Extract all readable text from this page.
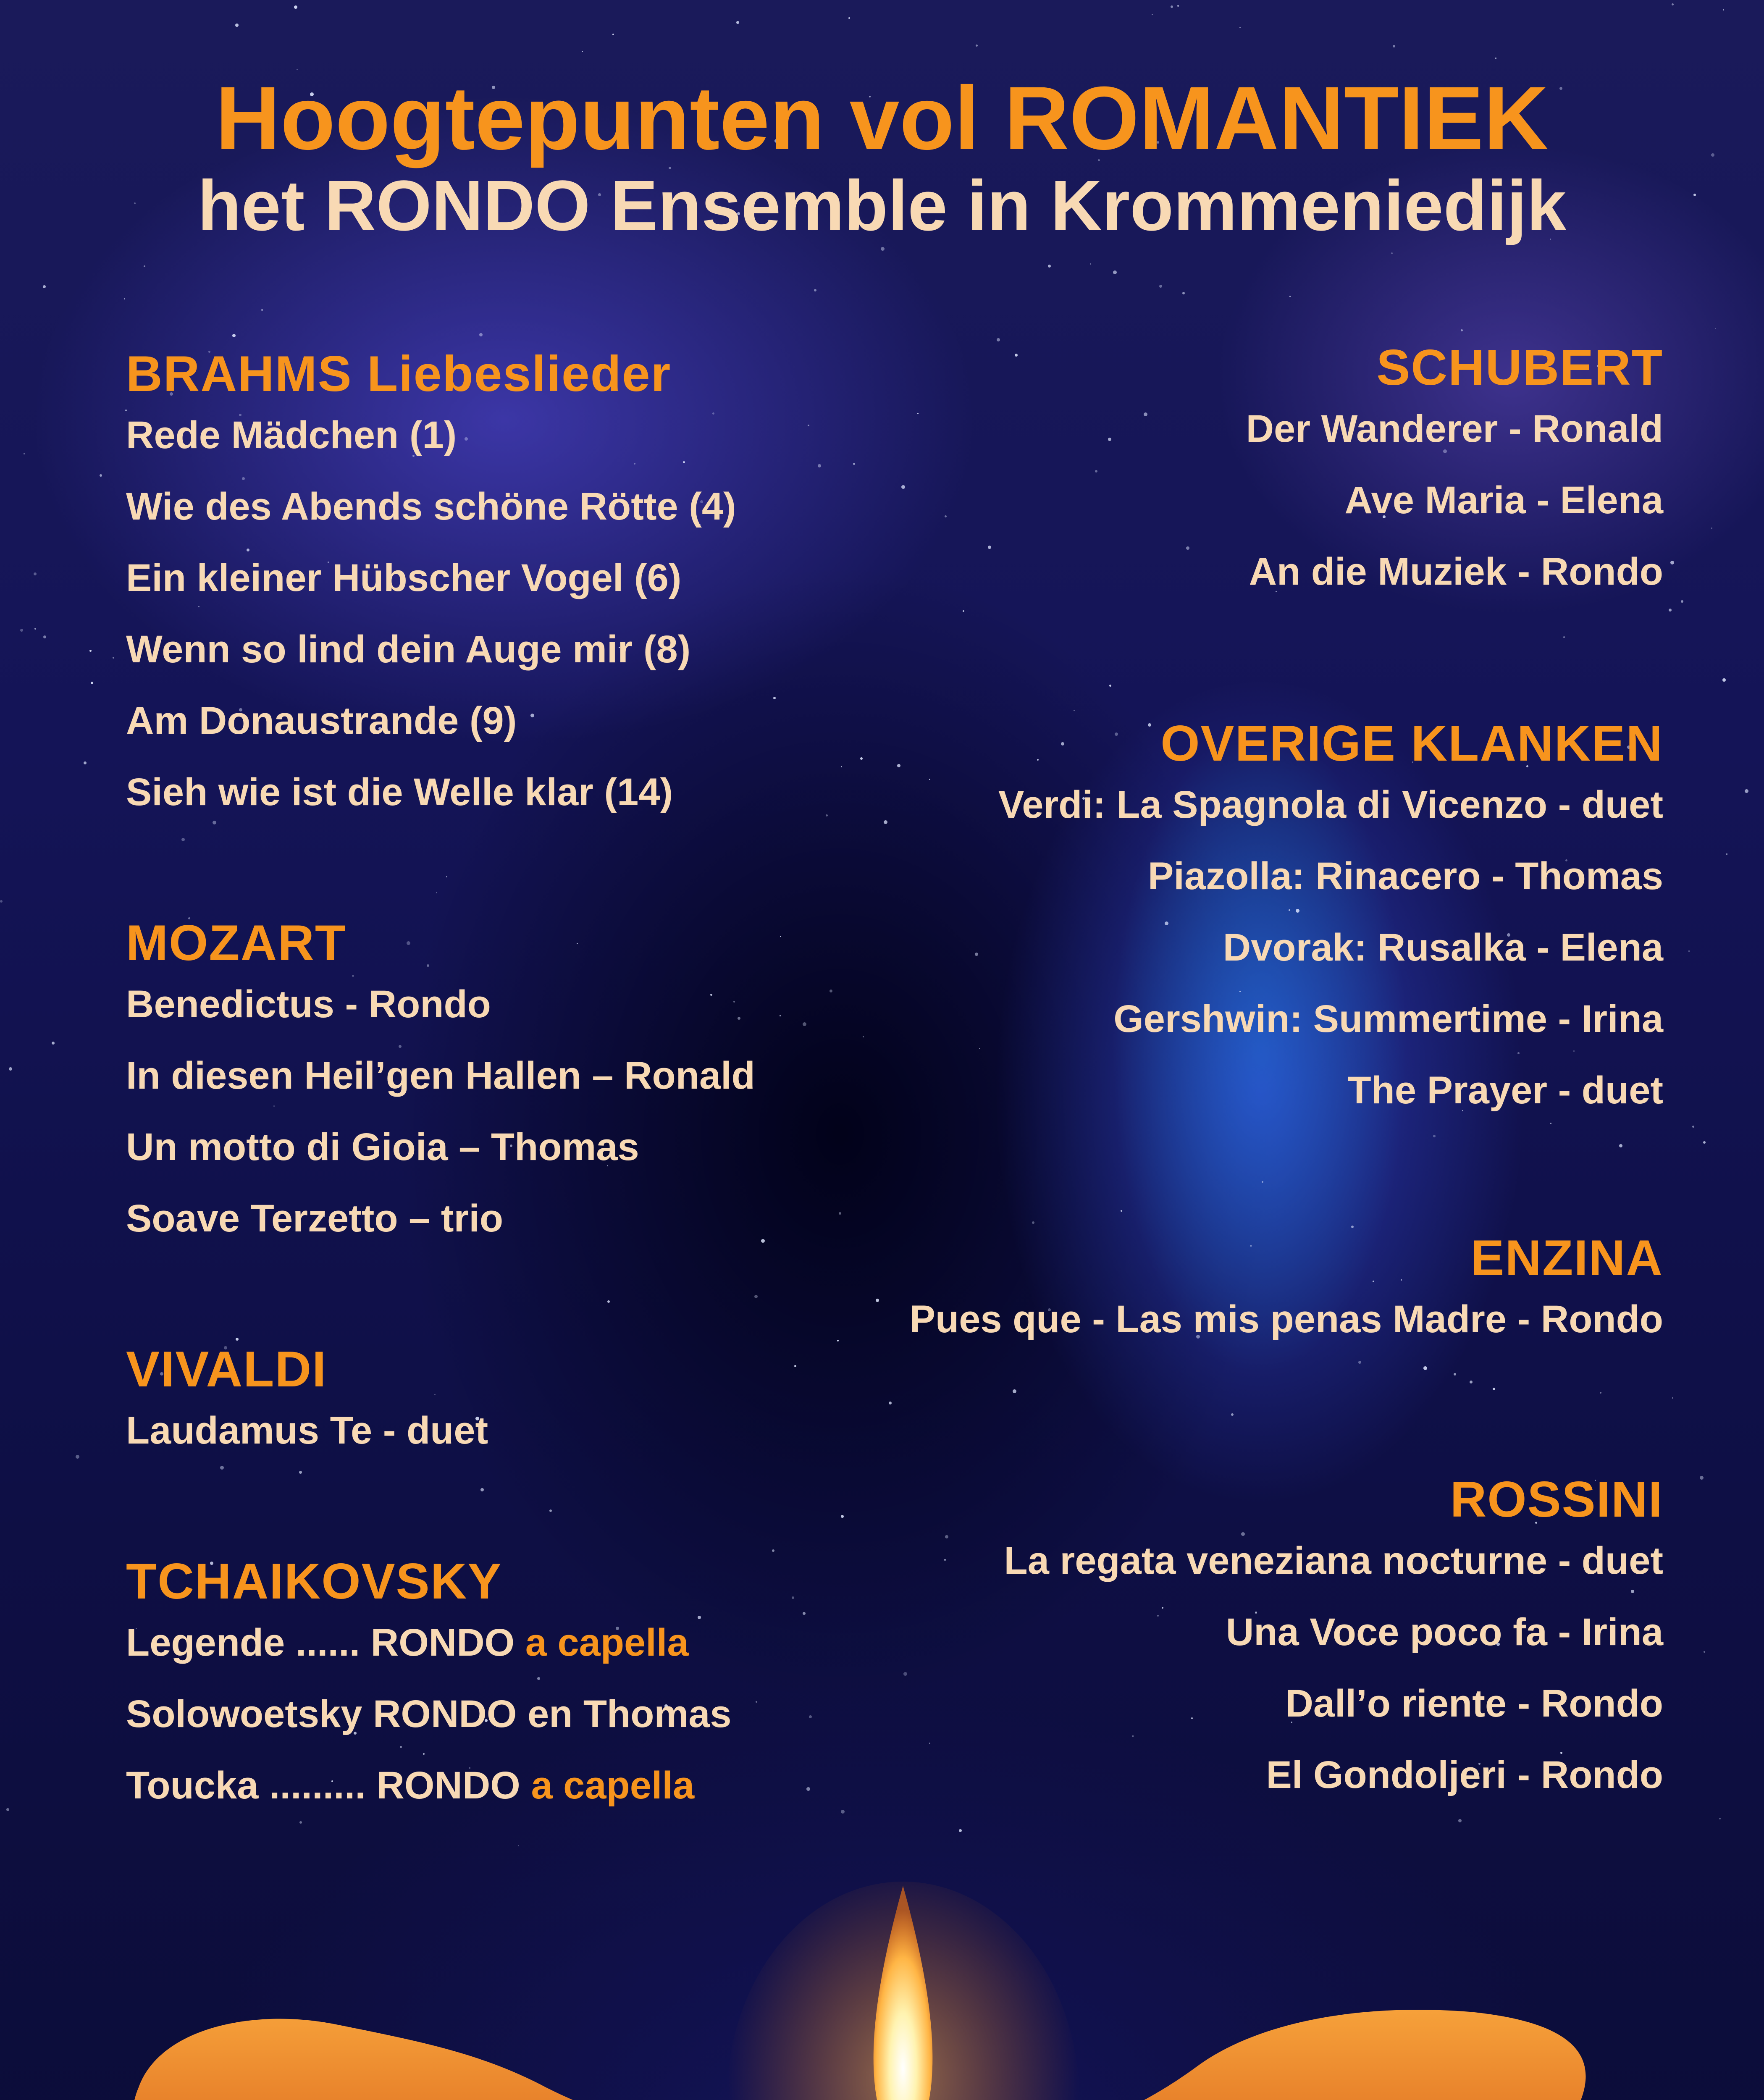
Hoogtepunten vol ROMANTIEK
het RONDO Ensemble in Krommeniedijk
BRAHMS Liebeslieder
Rede Mädchen (1)
Wie des Abends schöne Rötte (4)
Ein kleiner Hübscher Vogel (6)
Wenn so lind dein Auge mir (8)
Am Donaustrande (9)
Sieh wie ist die Welle klar (14)
MOZART
Benedictus - Rondo
In diesen Heil’gen Hallen – Ronald
Un motto di Gioia – Thomas
Soave Terzetto – trio
VIVALDI
Laudamus Te - duet
TCHAIKOVSKY
Legende ...... RONDO a capella
Solowoetsky RONDO en Thomas
Toucka ......... RONDO a capella
SCHUBERT
Der Wanderer - Ronald
Ave Maria - Elena
An die Muziek - Rondo
OVERIGE KLANKEN
Verdi: La Spagnola di Vicenzo - duet
Piazolla: Rinacero - Thomas
Dvorak: Rusalka - Elena
Gershwin: Summertime - Irina
The Prayer - duet
ENZINA
Pues que - Las mis penas Madre - Rondo
ROSSINI
La regata veneziana nocturne - duet
Una Voce poco fa - Irina
Dall’o riente - Rondo
El Gondoljeri - Rondo
